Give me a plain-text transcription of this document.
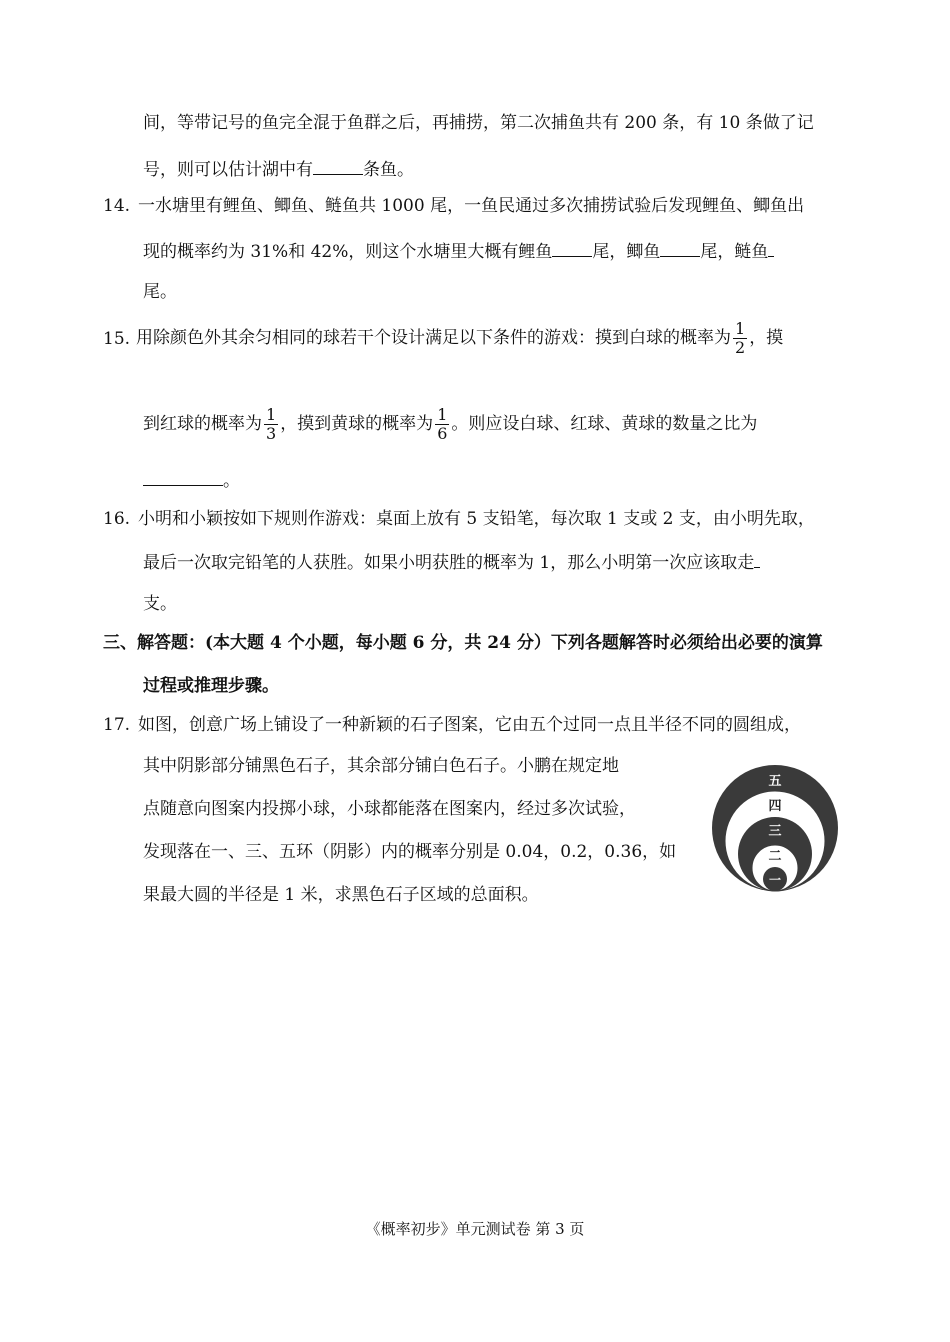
间，等带记号的鱼完全混于鱼群之后，再捕捞，第二次捕鱼共有 200 条，有 10 条做了记
号，则可以估计湖中有	条鱼。
14. 一水塘里有鲤鱼、鲫鱼、鲢鱼共 1000 尾，一鱼民通过多次捕捞试验后发现鲤鱼、鲫鱼出
现的概率约为 31%和 42%，则这个水塘里大概有鲤鱼 尾，鲫鱼 尾，鲢鱼
尾。
15. 用除颜色外其余匀相同的球若干个设计满足以下条件的游戏：摸到白球的概率为 $\frac{1}{2}$ ，摸
到红球的概率为 $\frac{1}{3}$ ，摸到黄球的概率为 $\frac{1}{6}$ 。则应设白球、红球、黄球的数量之比为
。
16. 小明和小颖按如下规则作游戏：桌面上放有 5 支铅笔，每次取 1 支或 2 支，由小明先取，
最后一次取完铅笔的人获胜。如果小明获胜的概率为 1，那么小明第一次应该取走
支。
三、解答题：(本大题 4 个小题，每小题 6 分，共 24 分）下列各题解答时必须给出必要的演算
过程或推理步骤。
17. 如图，创意广场上铺设了一种新颖的石子图案，它由五个过同一点且半径不同的圆组成，
其中阴影部分铺黑色石子，其余部分铺白色石子。小鹏在规定地
点随意向图案内投掷小球，小球都能落在图案内，经过多次试验，
发现落在一、三、五环（阴影）内的概率分别是 0.04，0.2，0.36，如
果最大圆的半径是 1 米，求黑色石子区域的总面积。
五
四
三
二
一
《概率初步》单元测试卷 第 3 页
